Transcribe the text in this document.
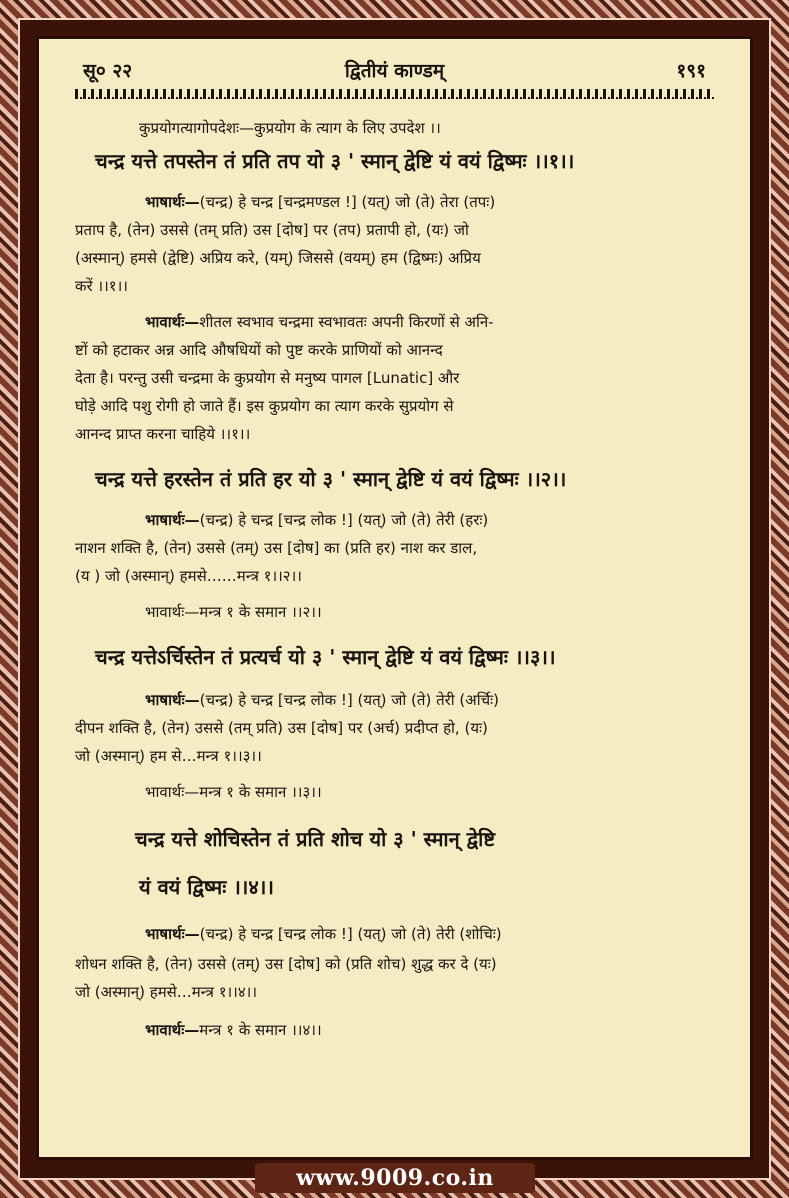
सू० २२	द्वितीयं काण्डम्	१९१
कुप्रयोगत्यागोपदेशः—कुप्रयोग के त्याग के लिए उपदेश ।।
चन्द्र यत्ते तपस्तेन तं प्रति तप यो ३ ' स्मान् द्वेष्टि यं वयं द्विष्मः ।।१।।
भाषार्थः—(चन्द्र) हे चन्द्र [चन्द्रमण्डल !] (यत्) जो (ते) तेरा (तपः)
प्रताप है, (तेन) उससे (तम् प्रति) उस [दोष] पर (तप) प्रतापी हो, (यः) जो
(अस्मान्) हमसे (द्वेष्टि) अप्रिय करे, (यम्) जिससे (वयम्) हम (द्विष्मः) अप्रिय
करें ।।१।।
भावार्थः—शीतल स्वभाव चन्द्रमा स्वभावतः अपनी किरणों से अनि-
ष्टों को हटाकर अन्न आदि औषधियों को पुष्ट करके प्राणियों को आनन्द
देता है। परन्तु उसी चन्द्रमा के कुप्रयोग से मनुष्य पागल [Lunatic] और
घोड़े आदि पशु रोगी हो जाते हैं। इस कुप्रयोग का त्याग करके सुप्रयोग से
आनन्द प्राप्त करना चाहिये ।।१।।
चन्द्र यत्ते हरस्तेन तं प्रति हर यो ३ ' स्मान् द्वेष्टि यं वयं द्विष्मः ।।२।।
भाषार्थः—(चन्द्र) हे चन्द्र [चन्द्र लोक !] (यत्) जो (ते) तेरी (हरः)
नाशन शक्ति है, (तेन) उससे (तम्) उस [दोष] का (प्रति हर) नाश कर डाल,
(य ) जो (अस्मान्) हमसे……मन्त्र १।।२।।
भावार्थः—मन्त्र १ के समान ।।२।।
चन्द्र यत्तेऽर्चिस्तेन तं प्रत्यर्च यो ३ ' स्मान् द्वेष्टि यं वयं द्विष्मः ।।३।।
भाषार्थः—(चन्द्र) हे चन्द्र [चन्द्र लोक !] (यत्) जो (ते) तेरी (अर्चिः)
दीपन शक्ति है, (तेन) उससे (तम् प्रति) उस [दोष] पर (अर्च) प्रदीप्त हो, (यः)
जो (अस्मान्) हम से…मन्त्र १।।३।।
भावार्थः—मन्त्र १ के समान ।।३।।
चन्द्र यत्ते शोचिस्तेन तं प्रति शोच यो ३ ' स्मान् द्वेष्टि
यं वयं द्विष्मः ।।४।।
भाषार्थः—(चन्द्र) हे चन्द्र [चन्द्र लोक !] (यत्) जो (ते) तेरी (शोचिः)
शोधन शक्ति है, (तेन) उससे (तम्) उस [दोष] को (प्रति शोच) शुद्ध कर दे (यः)
जो (अस्मान्) हमसे…मन्त्र १।।४।।
भावार्थः—मन्त्र १ के समान ।।४।।
www.9009.co.in
